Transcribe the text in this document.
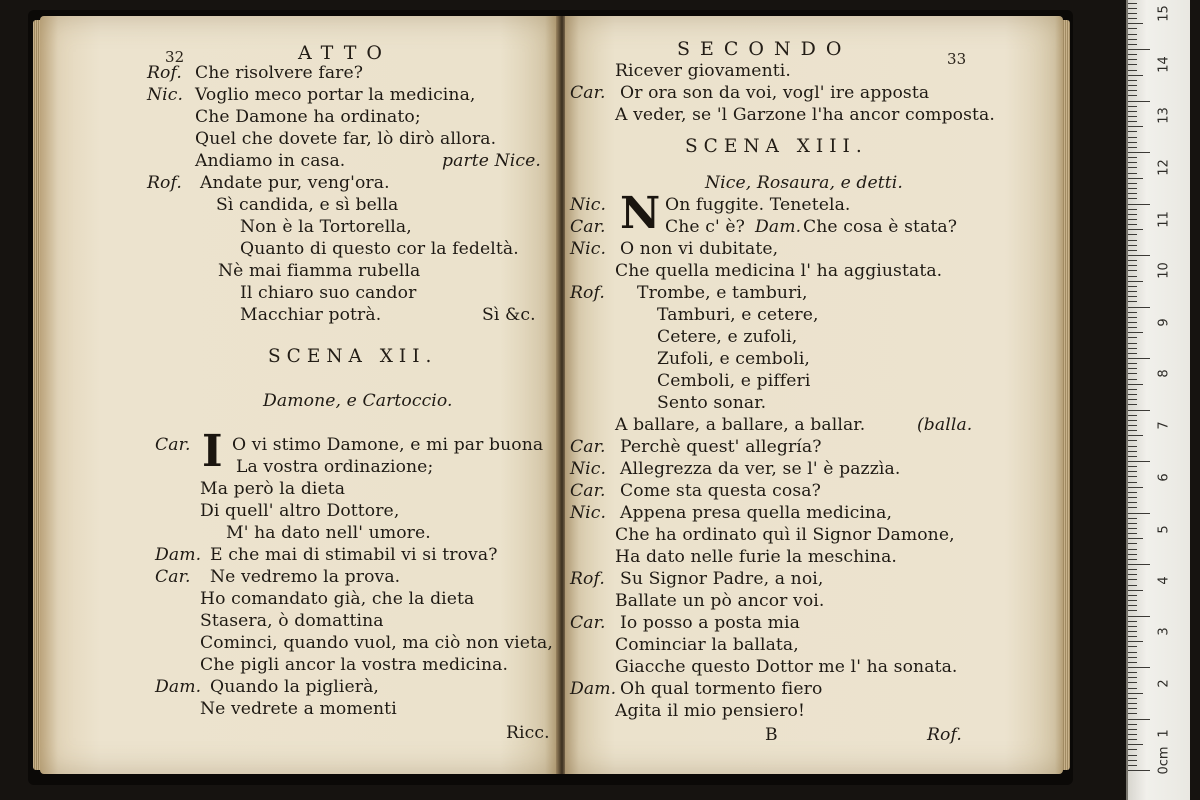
32	ATTO
Rof. Che risolvere fare?
Nic. Voglio meco portar la medicina,
Che Damone ha ordinato;
Quel che dovete far, lò dirò allora.
Andiamo in casa.	parte Nice.
Rof. Andate pur, veng'ora.
Sì candida, e sì bella
Non è la Tortorella,
Quanto di questo cor la fedeltà.
Nè mai fiamma rubella
Il chiaro suo candor
Macchiar potrà.	Sì &c.
SCENA XII.
Damone, e Cartoccio.
Car. I O vi stimo Damone, e mi par buona
La vostra ordinazione;
Ma però la dieta
Di quell' altro Dottore,
M' ha dato nell' umore.
Dam. E che mai di stimabil vi si trova?
Car. Ne vedremo la prova.
Ho comandato già, che la dieta
Stasera, ò domattina
Cominci, quando vuol, ma ciò non vieta,
Che pigli ancor la vostra medicina.
Dam. Quando la piglierà,
Ne vedrete a momenti
Ricc.
SECONDO	33
Ricever giovamenti.
Car. Or ora son da voi, vogl' ire apposta
A veder, se 'l Garzone l'ha ancor composta.
SCENA XIII.
Nice, Rosaura, e detti.
Nic. N On fuggite. Tenetela.
Car.	Che c' è? Dam. Che cosa è stata?
Nic. O non vi dubitate,
Che quella medicina l' ha aggiustata.
Rof. Trombe, e tamburi,
Tamburi, e cetere,
Cetere, e zufoli,
Zufoli, e cemboli,
Cemboli, e pifferi
Sento sonar.
A ballare, a ballare, a ballar.	(balla.
Car. Perchè quest' allegría?
Nic. Allegrezza da ver, se l' è pazzìa.
Car. Come sta questa cosa?
Nic. Appena presa quella medicina,
Che ha ordinato quì il Signor Damone,
Ha dato nelle furie la meschina.
Rof. Su Signor Padre, a noi,
Ballate un pò ancor voi.
Car. Io posso a posta mia
Cominciar la ballata,
Giacche questo Dottor me l' ha sonata.
Dam. Oh qual tormento fiero
Agita il mio pensiero!
B	Rof.
0cm
1
2
3
4
5
6
7
8
9
10
11
12
13
14
15
